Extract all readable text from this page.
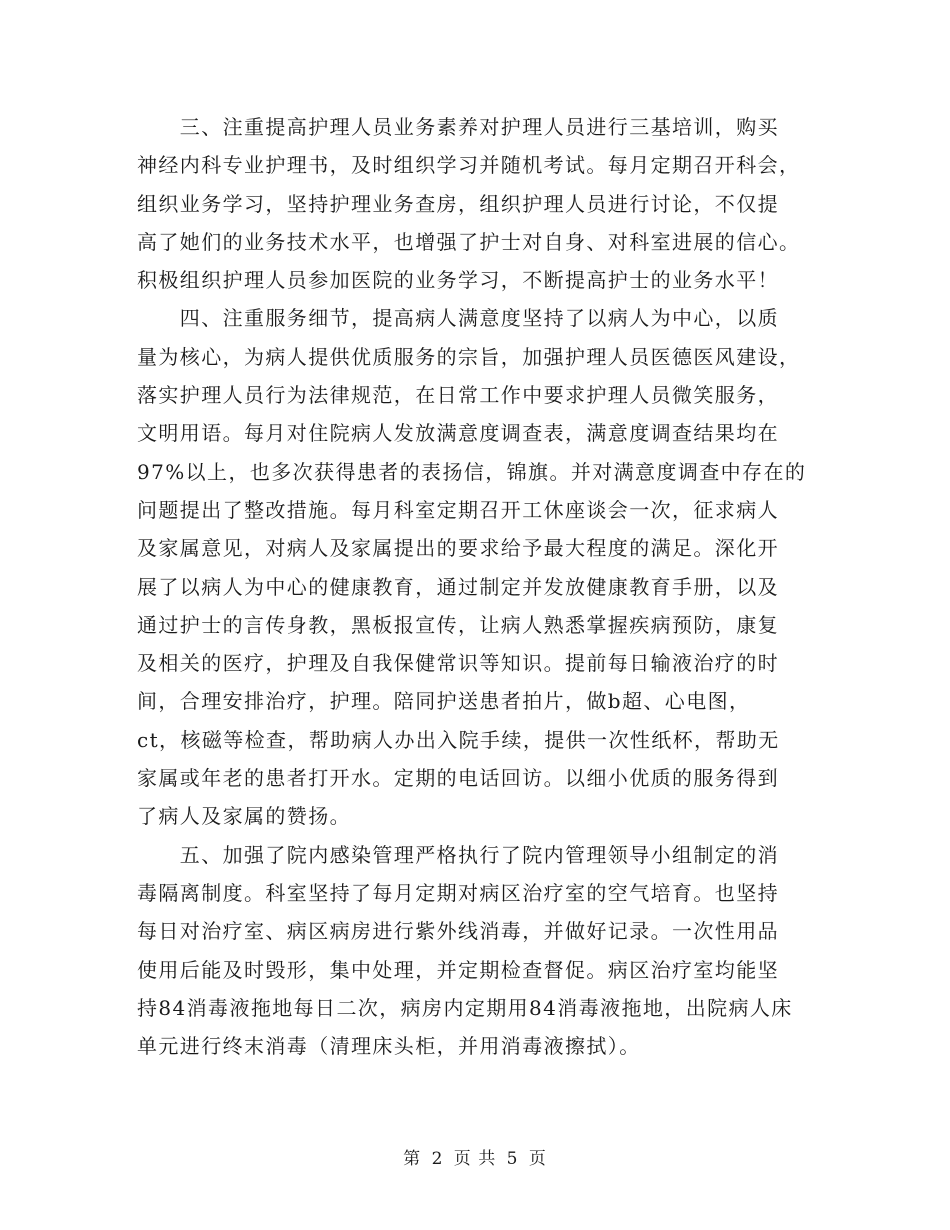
　　三、注重提高护理人员业务素养对护理人员进行三基培训，购买
神经内科专业护理书，及时组织学习并随机考试。每月定期召开科会，
组织业务学习，坚持护理业务查房，组织护理人员进行讨论，不仅提
高了她们的业务技术水平，也增强了护士对自身、对科室进展的信心。
积极组织护理人员参加医院的业务学习，不断提高护士的业务水平！
　　四、注重服务细节，提高病人满意度坚持了以病人为中心，以质
量为核心，为病人提供优质服务的宗旨，加强护理人员医德医风建设，
落实护理人员行为法律规范，在日常工作中要求护理人员微笑服务，
文明用语。每月对住院病人发放满意度调查表，满意度调查结果均在
97%以上，也多次获得患者的表扬信，锦旗。并对满意度调查中存在的
问题提出了整改措施。每月科室定期召开工休座谈会一次，征求病人
及家属意见，对病人及家属提出的要求给予最大程度的满足。深化开
展了以病人为中心的健康教育，通过制定并发放健康教育手册，以及
通过护士的言传身教，黑板报宣传，让病人熟悉掌握疾病预防，康复
及相关的医疗，护理及自我保健常识等知识。提前每日输液治疗的时
间，合理安排治疗，护理。陪同护送患者拍片，做b超、心电图，
ct，核磁等检查，帮助病人办出入院手续，提供一次性纸杯，帮助无
家属或年老的患者打开水。定期的电话回访。以细小优质的服务得到
了病人及家属的赞扬。
　　五、加强了院内感染管理严格执行了院内管理领导小组制定的消
毒隔离制度。科室坚持了每月定期对病区治疗室的空气培育。也坚持
每日对治疗室、病区病房进行紫外线消毒，并做好记录。一次性用品
使用后能及时毁形，集中处理，并定期检查督促。病区治疗室均能坚
持84消毒液拖地每日二次，病房内定期用84消毒液拖地，出院病人床
单元进行终末消毒（清理床头柜，并用消毒液擦拭）。
第 2 页 共 5 页
